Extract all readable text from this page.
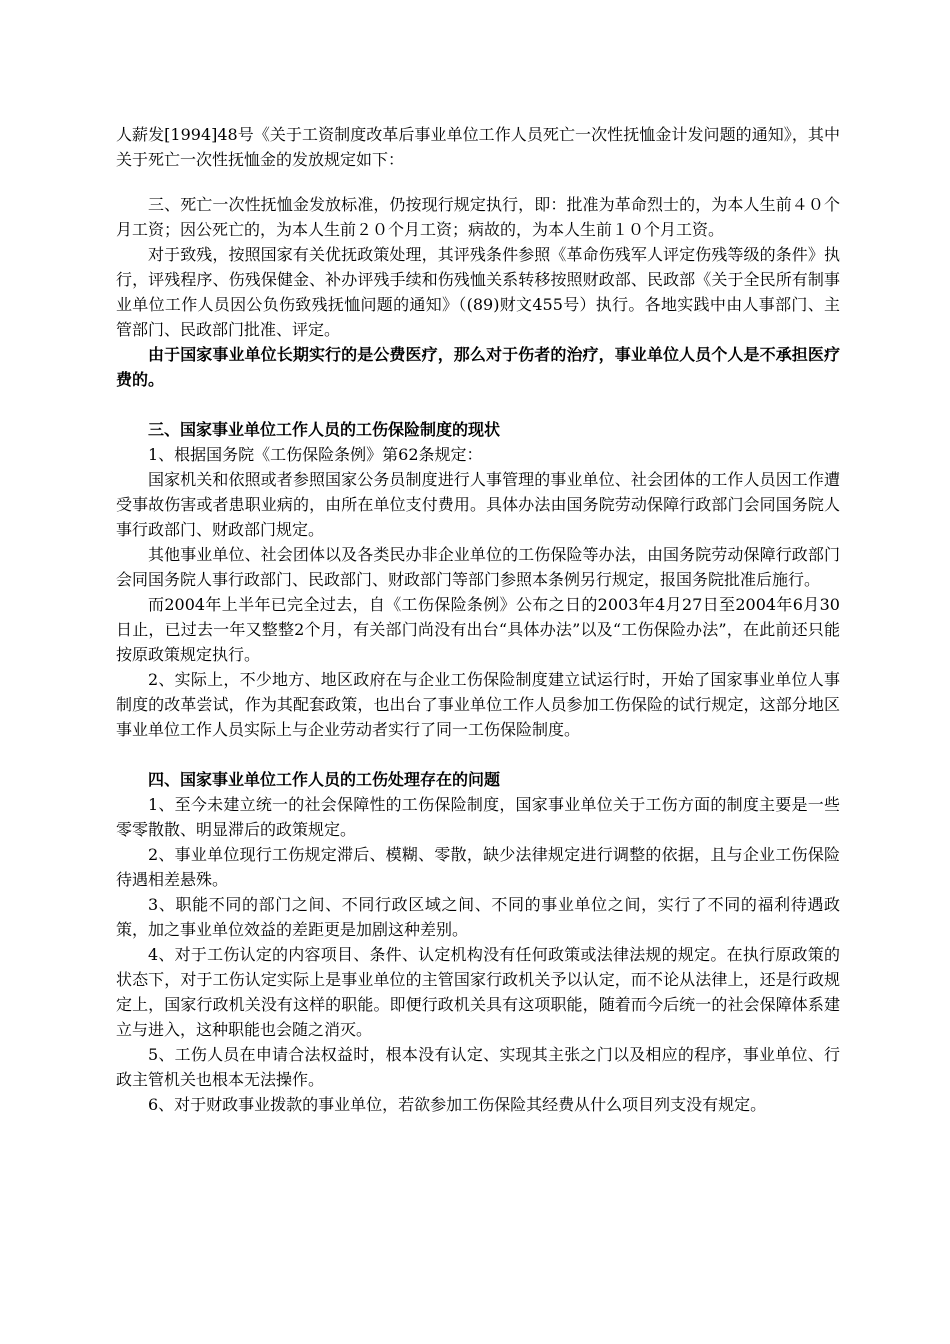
人薪发[1994]48号《关于工资制度改革后事业单位工作人员死亡一次性抚恤金计发问题的通知》，其中关于死亡一次性抚恤金的发放规定如下：

三、死亡一次性抚恤金发放标准，仍按现行规定执行，即：批准为革命烈士的，为本人生前４０个月工资；因公死亡的，为本人生前２０个月工资；病故的，为本人生前１０个月工资。

对于致残，按照国家有关优抚政策处理，其评残条件参照《革命伤残军人评定伤残等级的条件》执行，评残程序、伤残保健金、补办评残手续和伤残恤关系转移按照财政部、民政部《关于全民所有制事业单位工作人员因公负伤致残抚恤问题的通知》（(89)财文455号）执行。各地实践中由人事部门、主管部门、民政部门批准、评定。

由于国家事业单位长期实行的是公费医疗，那么对于伤者的治疗，事业单位人员个人是不承担医疗费的。

三、国家事业单位工作人员的工伤保险制度的现状

1、根据国务院《工伤保险条例》第62条规定：

国家机关和依照或者参照国家公务员制度进行人事管理的事业单位、社会团体的工作人员因工作遭受事故伤害或者患职业病的，由所在单位支付费用。具体办法由国务院劳动保障行政部门会同国务院人事行政部门、财政部门规定。

其他事业单位、社会团体以及各类民办非企业单位的工伤保险等办法，由国务院劳动保障行政部门会同国务院人事行政部门、民政部门、财政部门等部门参照本条例另行规定，报国务院批准后施行。

而2004年上半年已完全过去，自《工伤保险条例》公布之日的2003年4月27日至2004年6月30日止，已过去一年又整整2个月，有关部门尚没有出台“具体办法”以及“工伤保险办法”，在此前还只能按原政策规定执行。

2、实际上，不少地方、地区政府在与企业工伤保险制度建立试运行时，开始了国家事业单位人事制度的改革尝试，作为其配套政策，也出台了事业单位工作人员参加工伤保险的试行规定，这部分地区事业单位工作人员实际上与企业劳动者实行了同一工伤保险制度。

四、国家事业单位工作人员的工伤处理存在的问题

1、至今未建立统一的社会保障性的工伤保险制度，国家事业单位关于工伤方面的制度主要是一些零零散散、明显滞后的政策规定。

2、事业单位现行工伤规定滞后、模糊、零散，缺少法律规定进行调整的依据，且与企业工伤保险待遇相差悬殊。

3、职能不同的部门之间、不同行政区域之间、不同的事业单位之间，实行了不同的福利待遇政策，加之事业单位效益的差距更是加剧这种差别。

4、对于工伤认定的内容项目、条件、认定机构没有任何政策或法律法规的规定。在执行原政策的状态下，对于工伤认定实际上是事业单位的主管国家行政机关予以认定，而不论从法律上，还是行政规定上，国家行政机关没有这样的职能。即便行政机关具有这项职能，随着而今后统一的社会保障体系建立与进入，这种职能也会随之消灭。

5、工伤人员在申请合法权益时，根本没有认定、实现其主张之门以及相应的程序，事业单位、行政主管机关也根本无法操作。

6、对于财政事业拨款的事业单位，若欲参加工伤保险其经费从什么项目列支没有规定。
